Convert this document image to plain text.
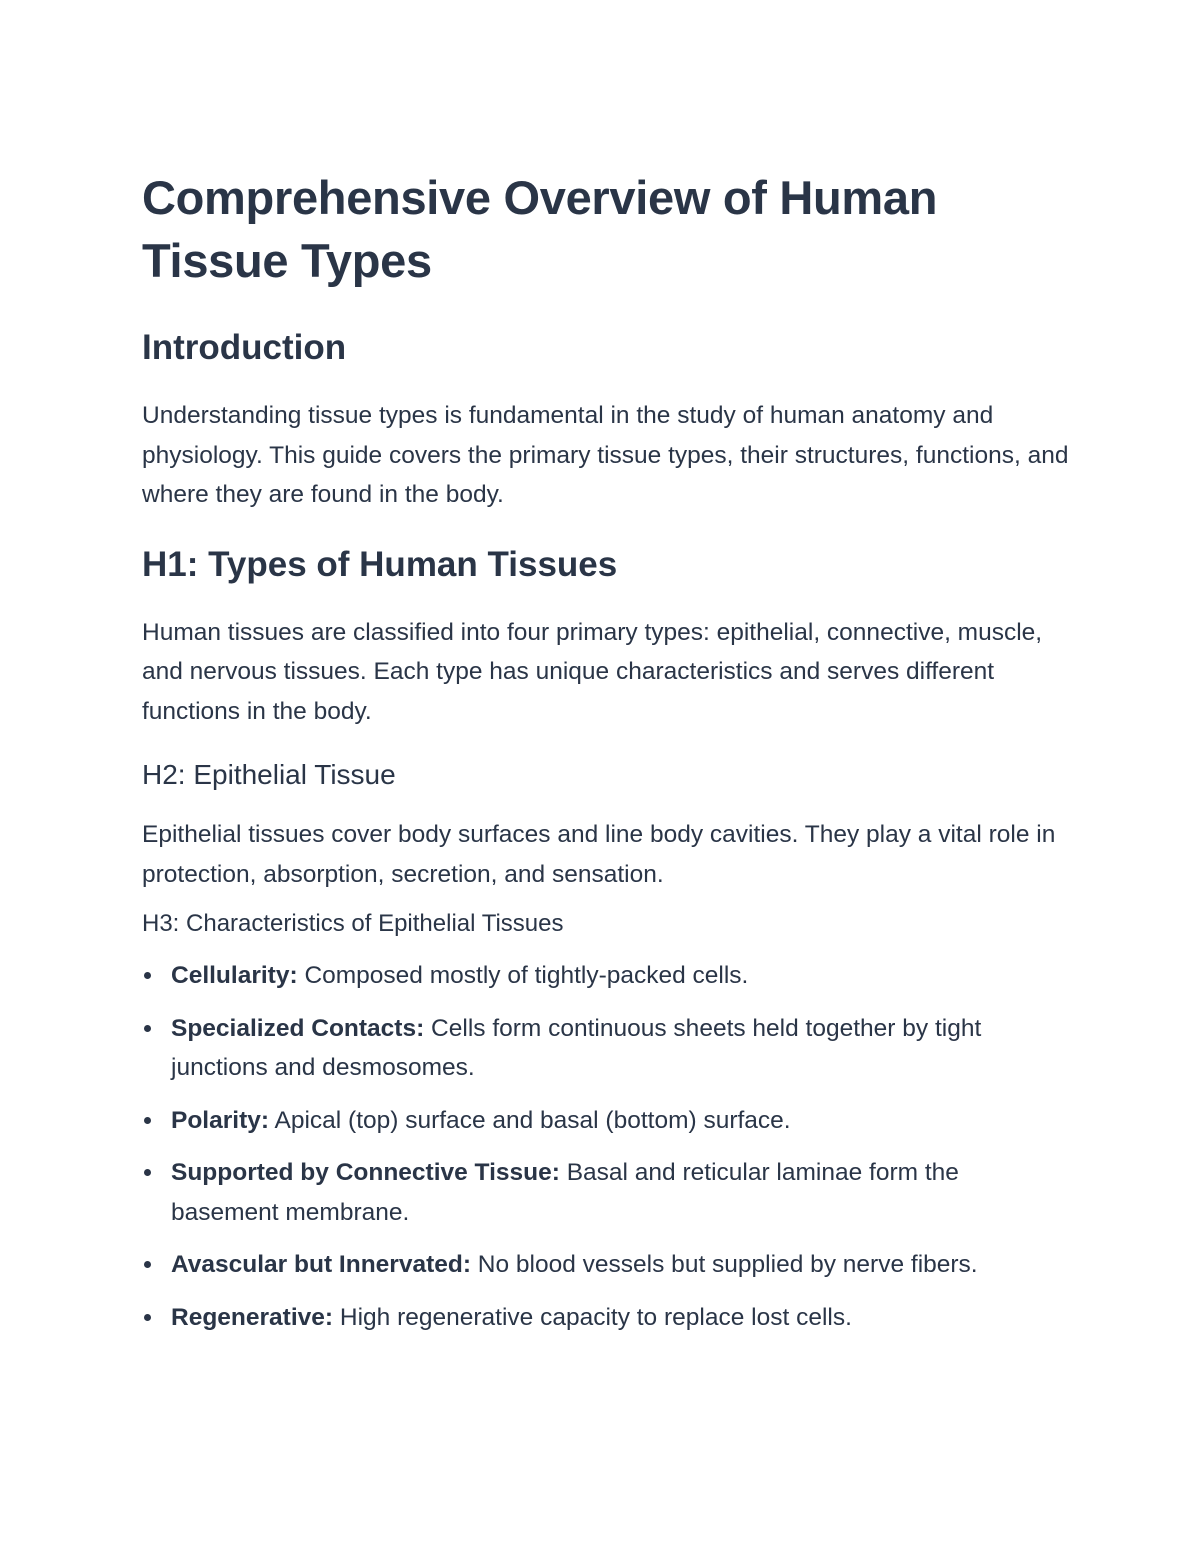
Comprehensive Overview of Human Tissue Types
Introduction

Understanding tissue types is fundamental in the study of human anatomy and physiology. This guide covers the primary tissue types, their structures, functions, and where they are found in the body.

H1: Types of Human Tissues

Human tissues are classified into four primary types: epithelial, connective, muscle, and nervous tissues. Each type has unique characteristics and serves different functions in the body.

H2: Epithelial Tissue

Epithelial tissues cover body surfaces and line body cavities. They play a vital role in protection, absorption, secretion, and sensation.

H3: Characteristics of Epithelial Tissues
Cellularity: Composed mostly of tightly-packed cells.
Specialized Contacts: Cells form continuous sheets held together by tight junctions and desmosomes.
Polarity: Apical (top) surface and basal (bottom) surface.
Supported by Connective Tissue: Basal and reticular laminae form the basement membrane.
Avascular but Innervated: No blood vessels but supplied by nerve fibers.
Regenerative: High regenerative capacity to replace lost cells.
